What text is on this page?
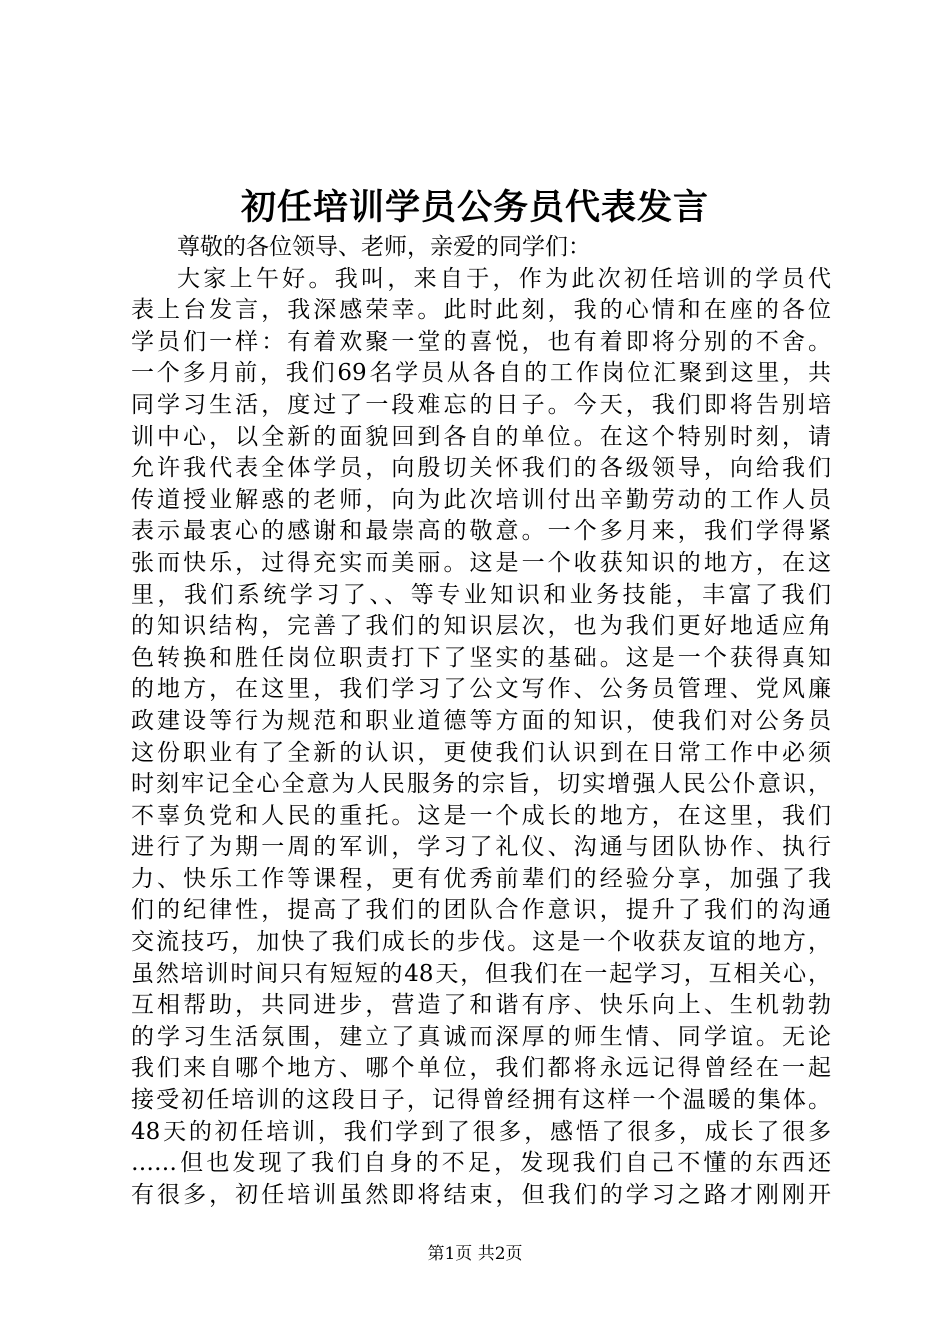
初任培训学员公务员代表发言
尊敬的各位领导、老师，亲爱的同学们：
大家上午好。我叫，来自于，作为此次初任培训的学员代
表上台发言，我深感荣幸。此时此刻，我的心情和在座的各位
学员们一样：有着欢聚一堂的喜悦，也有着即将分别的不舍。
一个多月前，我们69名学员从各自的工作岗位汇聚到这里，共
同学习生活，度过了一段难忘的日子。今天，我们即将告别培
训中心，以全新的面貌回到各自的单位。在这个特别时刻，请
允许我代表全体学员，向殷切关怀我们的各级领导，向给我们
传道授业解惑的老师，向为此次培训付出辛勤劳动的工作人员
表示最衷心的感谢和最崇高的敬意。一个多月来，我们学得紧
张而快乐，过得充实而美丽。这是一个收获知识的地方，在这
里，我们系统学习了、、等专业知识和业务技能，丰富了我们
的知识结构，完善了我们的知识层次，也为我们更好地适应角
色转换和胜任岗位职责打下了坚实的基础。这是一个获得真知
的地方，在这里，我们学习了公文写作、公务员管理、党风廉
政建设等行为规范和职业道德等方面的知识，使我们对公务员
这份职业有了全新的认识，更使我们认识到在日常工作中必须
时刻牢记全心全意为人民服务的宗旨，切实增强人民公仆意识，
不辜负党和人民的重托。这是一个成长的地方，在这里，我们
进行了为期一周的军训，学习了礼仪、沟通与团队协作、执行
力、快乐工作等课程，更有优秀前辈们的经验分享，加强了我
们的纪律性，提高了我们的团队合作意识，提升了我们的沟通
交流技巧，加快了我们成长的步伐。这是一个收获友谊的地方，
虽然培训时间只有短短的48天，但我们在一起学习，互相关心，
互相帮助，共同进步，营造了和谐有序、快乐向上、生机勃勃
的学习生活氛围，建立了真诚而深厚的师生情、同学谊。无论
我们来自哪个地方、哪个单位，我们都将永远记得曾经在一起
接受初任培训的这段日子，记得曾经拥有这样一个温暖的集体。
48天的初任培训，我们学到了很多，感悟了很多，成长了很多
……但也发现了我们自身的不足，发现我们自己不懂的东西还
有很多，初任培训虽然即将结束，但我们的学习之路才刚刚开
第1页 共2页
